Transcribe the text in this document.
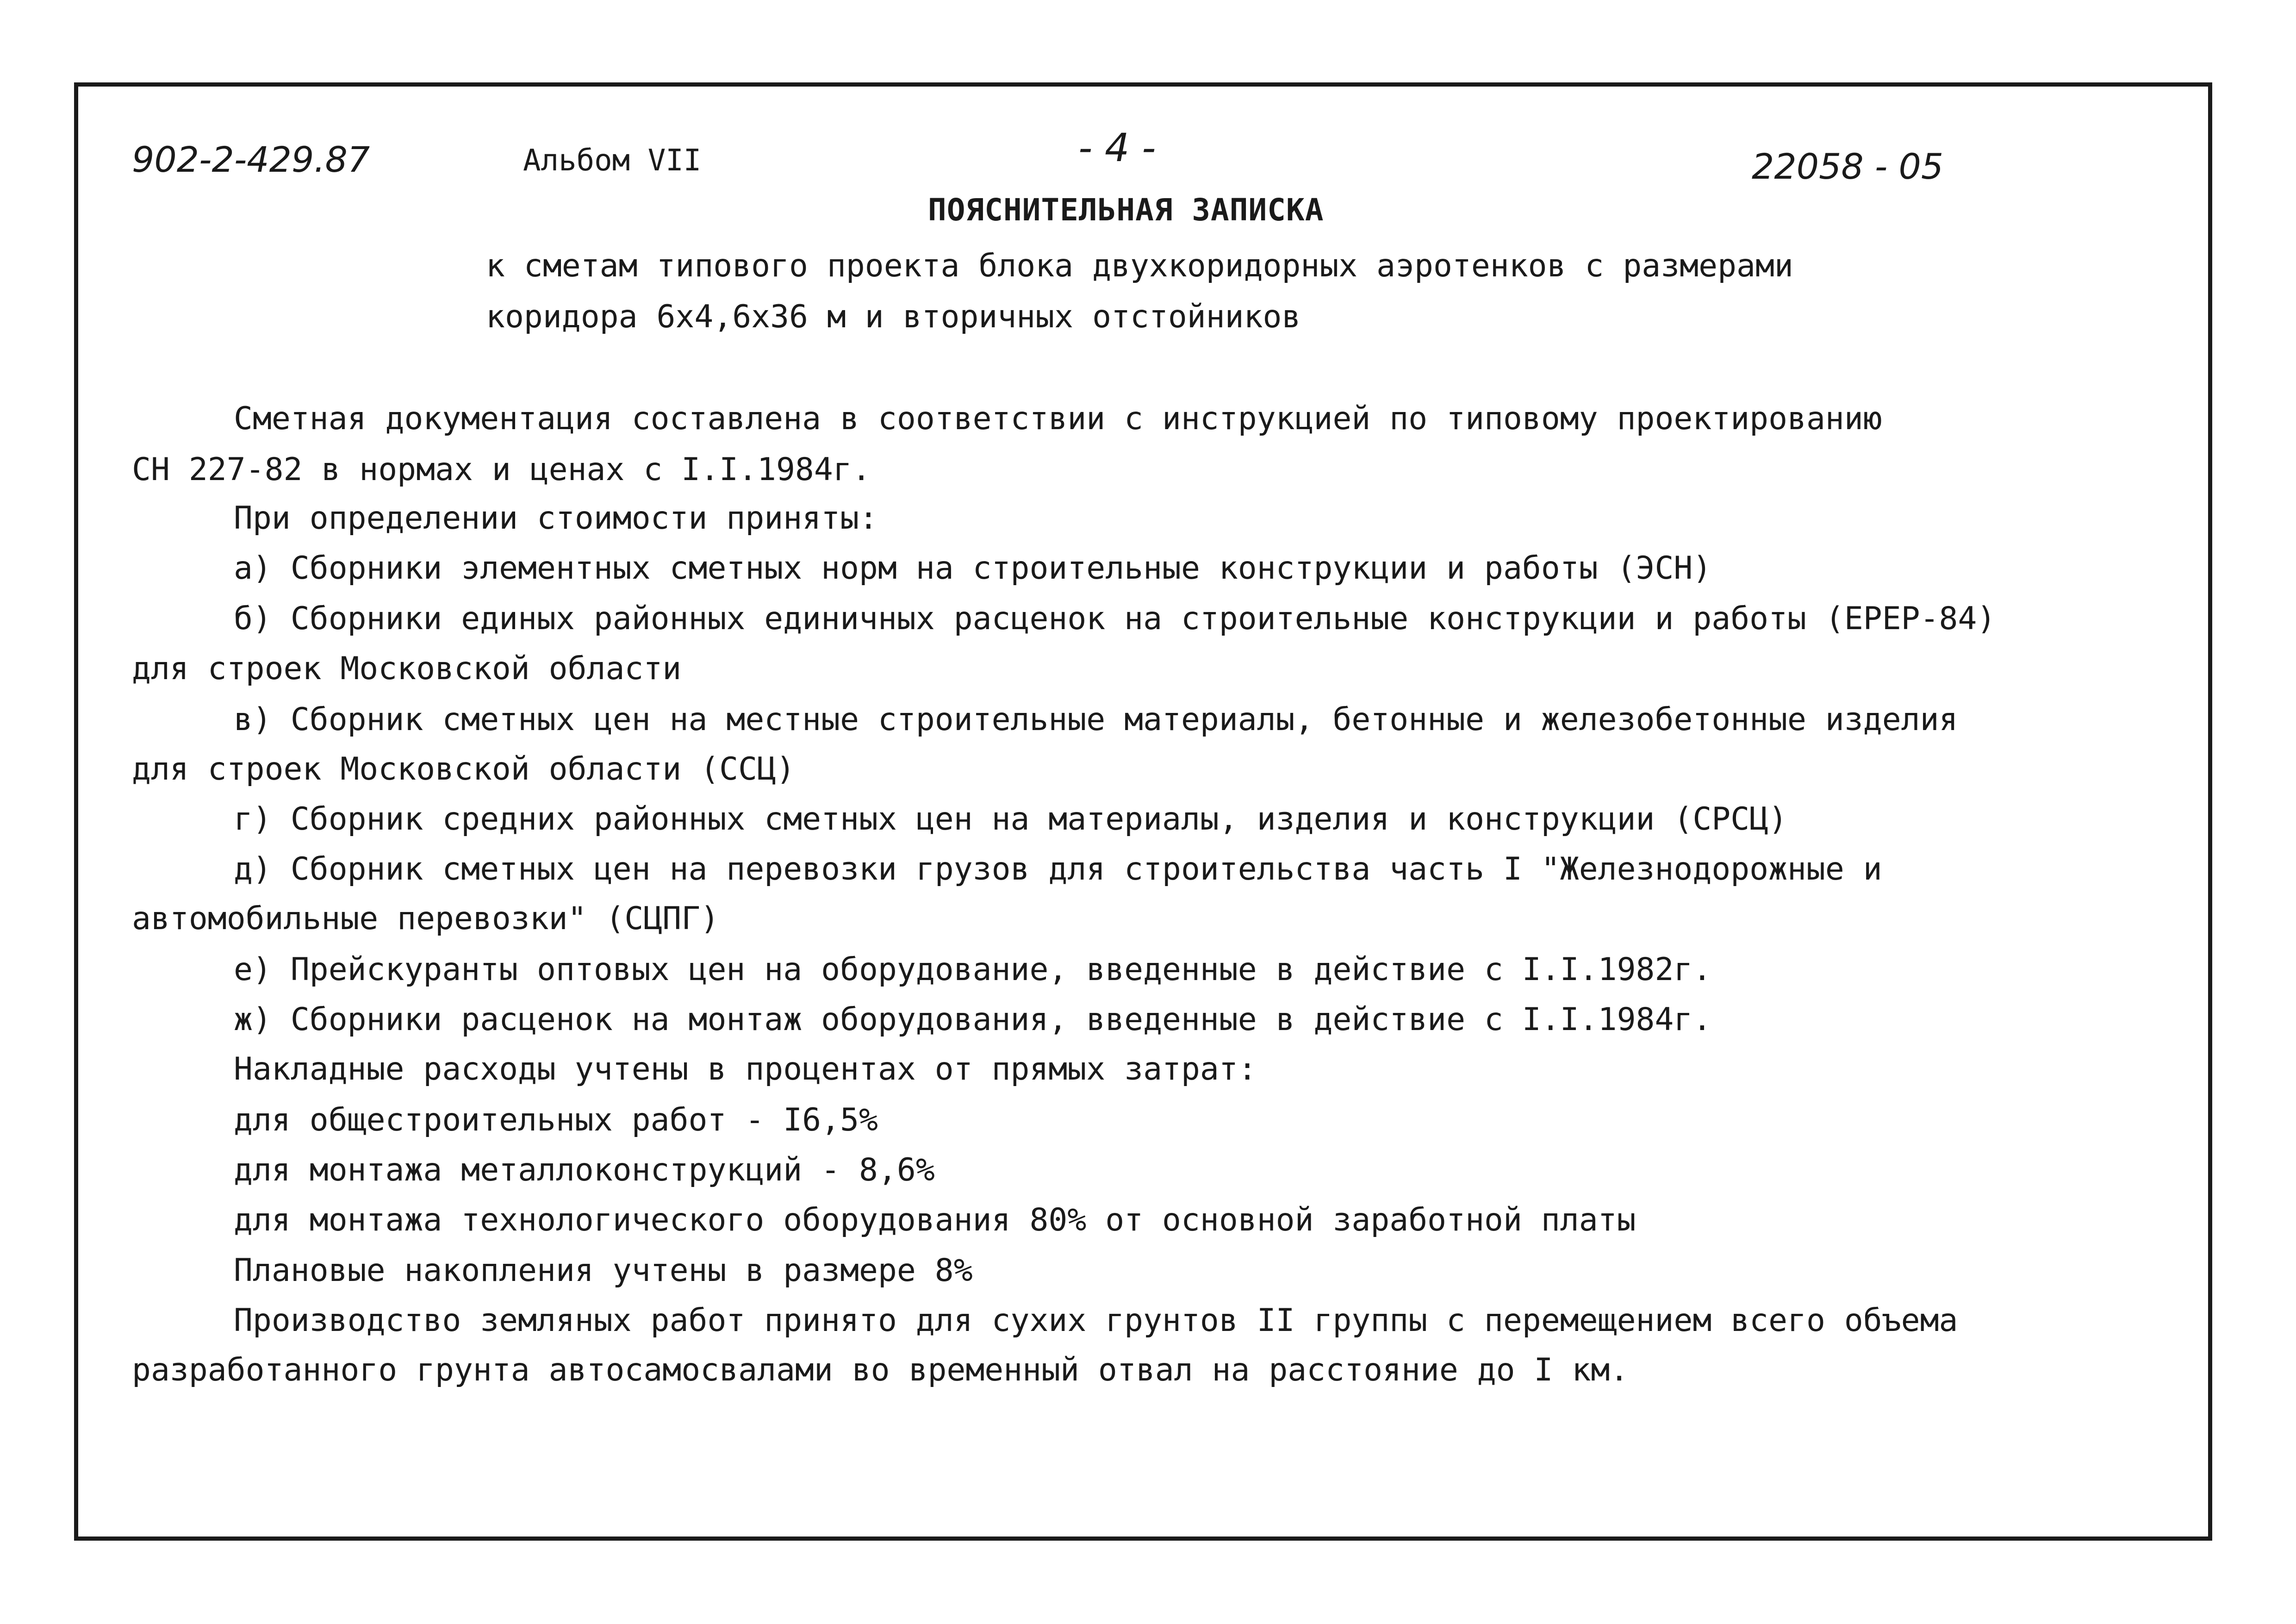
902-2-429.87	Альбом VII	- 4 -	22058 - 05
ПОЯСНИТЕЛЬНАЯ ЗАПИСКА
к сметам типового проекта блока двухкоридорных аэротенков с размерами
коридора 6х4,6х36 м и вторичных отстойников
Сметная документация составлена в соответствии с инструкцией по типовому проектированию
СН 227-82 в нормах и ценах с I.I.1984г.
При определении стоимости приняты:
а) Сборники элементных сметных норм на строительные конструкции и работы (ЭСН)
б) Сборники единых районных единичных расценок на строительные конструкции и работы (ЕРЕР-84)
для строек Московской области
в) Сборник сметных цен на местные строительные материалы, бетонные и железобетонные изделия
для строек Московской области (ССЦ)
г) Сборник средних районных сметных цен на материалы, изделия и конструкции (СРСЦ)
д) Сборник сметных цен на перевозки грузов для строительства часть I "Железнодорожные и
автомобильные перевозки" (СЦПГ)
е) Прейскуранты оптовых цен на оборудование, введенные в действие с I.I.1982г.
ж) Сборники расценок на монтаж оборудования, введенные в действие с I.I.1984г.
Накладные расходы учтены в процентах от прямых затрат:
для общестроительных работ - I6,5%
для монтажа металлоконструкций - 8,6%
для монтажа технологического оборудования 80% от основной заработной платы
Плановые накопления учтены в размере 8%
Производство земляных работ принято для сухих грунтов II группы с перемещением всего объема
разработанного грунта автосамосвалами во временный отвал на расстояние до I км.
